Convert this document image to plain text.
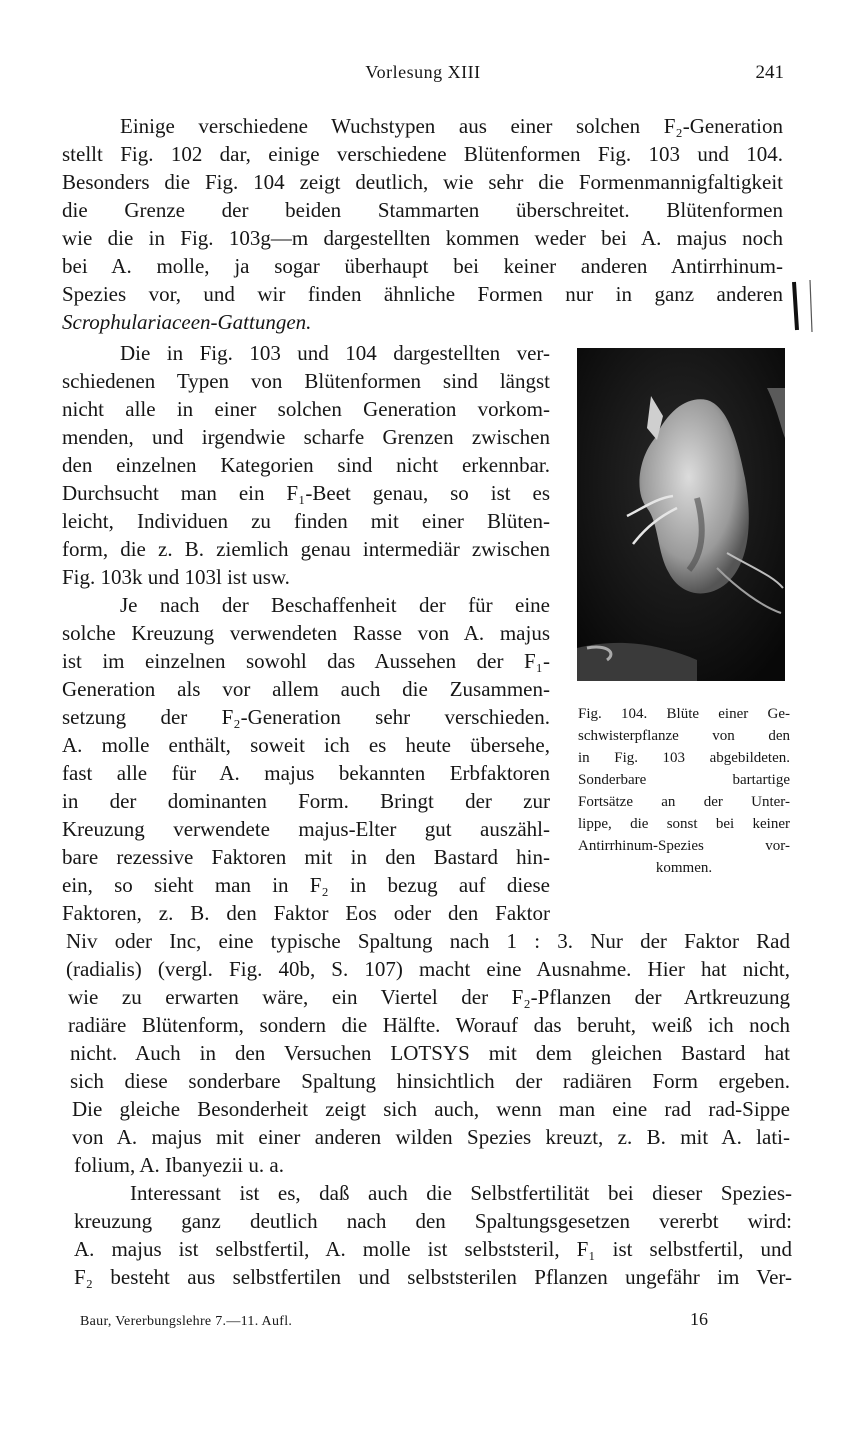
Vorlesung XIII	241
Einige verschiedene Wuchstypen aus einer solchen F₂-Generation
stellt Fig. 102 dar, einige verschiedene Blütenformen Fig. 103 und 104.
Besonders die Fig. 104 zeigt deutlich, wie sehr die Formenmannigfaltigkeit
die Grenze der beiden Stammarten überschreitet. Blütenformen
wie die in Fig. 103g—m dargestellten kommen weder bei A. majus noch
bei A. molle, ja sogar überhaupt bei keiner anderen Antirrhinum-
Spezies vor, und wir finden ähnliche Formen nur in ganz anderen
Scrophulariaceen-Gattungen.
Die in Fig. 103 und 104 dargestellten ver-
schiedenen Typen von Blütenformen sind längst
nicht alle in einer solchen Generation vorkom-
menden, und irgendwie scharfe Grenzen zwischen
den einzelnen Kategorien sind nicht erkennbar.
Durchsucht man ein F₁-Beet genau, so ist es
leicht, Individuen zu finden mit einer Blüten-
form, die z. B. ziemlich genau intermediär zwischen
Fig. 103k und 103l ist usw.
Je nach der Beschaffenheit der für eine
solche Kreuzung verwendeten Rasse von A. majus
ist im einzelnen sowohl das Aussehen der F₁-
Generation als vor allem auch die Zusammen-
setzung der F₂-Generation sehr verschieden.
A. molle enthält, soweit ich es heute übersehe,
fast alle für A. majus bekannten Erbfaktoren
in der dominanten Form. Bringt der zur
Kreuzung verwendete majus-Elter gut auszähl-
bare rezessive Faktoren mit in den Bastard hin-
ein, so sieht man in F₂ in bezug auf diese
Faktoren, z. B. den Faktor Eos oder den Faktor
Niv oder Inc, eine typische Spaltung nach 1 : 3. Nur der Faktor Rad
(radialis) (vergl. Fig. 40b, S. 107) macht eine Ausnahme. Hier hat nicht,
wie zu erwarten wäre, ein Viertel der F₂-Pflanzen der Artkreuzung
radiäre Blütenform, sondern die Hälfte. Worauf das beruht, weiß ich noch
nicht. Auch in den Versuchen LOTSYS mit dem gleichen Bastard hat
sich diese sonderbare Spaltung hinsichtlich der radiären Form ergeben.
Die gleiche Besonderheit zeigt sich auch, wenn man eine rad rad-Sippe
von A. majus mit einer anderen wilden Spezies kreuzt, z. B. mit A. lati-
folium, A. Ibanyezii u. a.
Interessant ist es, daß auch die Selbstfertilität bei dieser Spezies-
kreuzung ganz deutlich nach den Spaltungsgesetzen vererbt wird:
A. majus ist selbstfertil, A. molle ist selbststeril, F₁ ist selbstfertil, und
F₂ besteht aus selbstfertilen und selbststerilen Pflanzen ungefähr im Ver-
Fig. 104. Blüte einer Ge-
schwisterpflanze von den
in Fig. 103 abgebildeten.
Sonderbare bartartige
Fortsätze an der Unter-
lippe, die sonst bei keiner
Antirrhinum-Spezies vor-
kommen.
Baur, Vererbungslehre 7.—11. Aufl.	16
